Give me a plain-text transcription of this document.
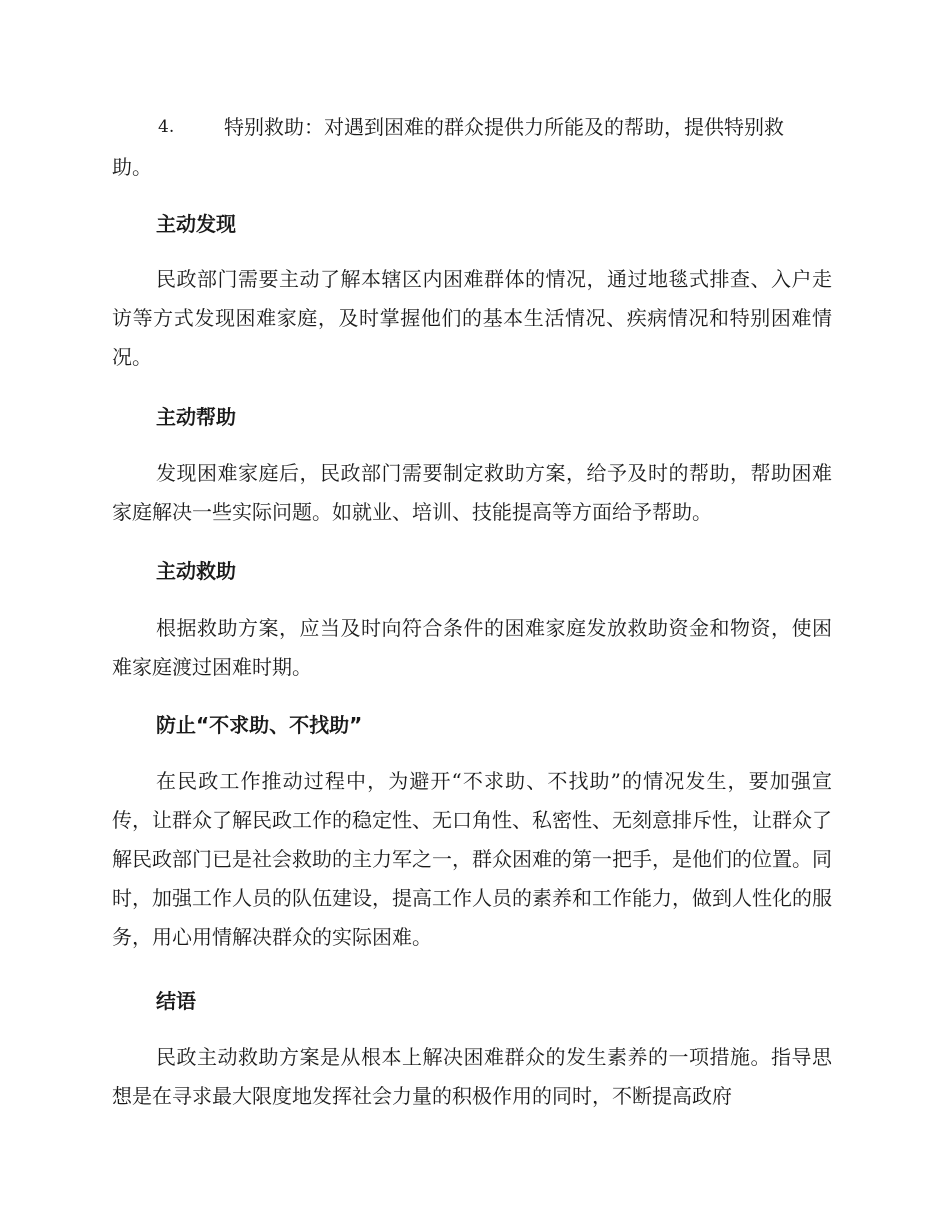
4. 特别救助：对遇到困难的群众提供力所能及的帮助，提供特别救
助。
主动发现
民政部门需要主动了解本辖区内困难群体的情况，通过地毯式排查、入户走访等方式发现困难家庭，及时掌握他们的基本生活情况、疾病情况和特别困难情况。
主动帮助
发现困难家庭后，民政部门需要制定救助方案，给予及时的帮助，帮助困难家庭解决一些实际问题。如就业、培训、技能提高等方面给予帮助。
主动救助
根据救助方案，应当及时向符合条件的困难家庭发放救助资金和物资，使困难家庭渡过困难时期。
防止“不求助、不找助”
在民政工作推动过程中，为避开“不求助、不找助”的情况发生，要加强宣传，让群众了解民政工作的稳定性、无口角性、私密性、无刻意排斥性，让群众了解民政部门已是社会救助的主力军之一，群众困难的第一把手，是他们的位置。同时，加强工作人员的队伍建设，提高工作人员的素养和工作能力，做到人性化的服务，用心用情解决群众的实际困难。
结语
民政主动救助方案是从根本上解决困难群众的发生素养的一项措施。指导思想是在寻求最大限度地发挥社会力量的积极作用的同时，不断提高政府
